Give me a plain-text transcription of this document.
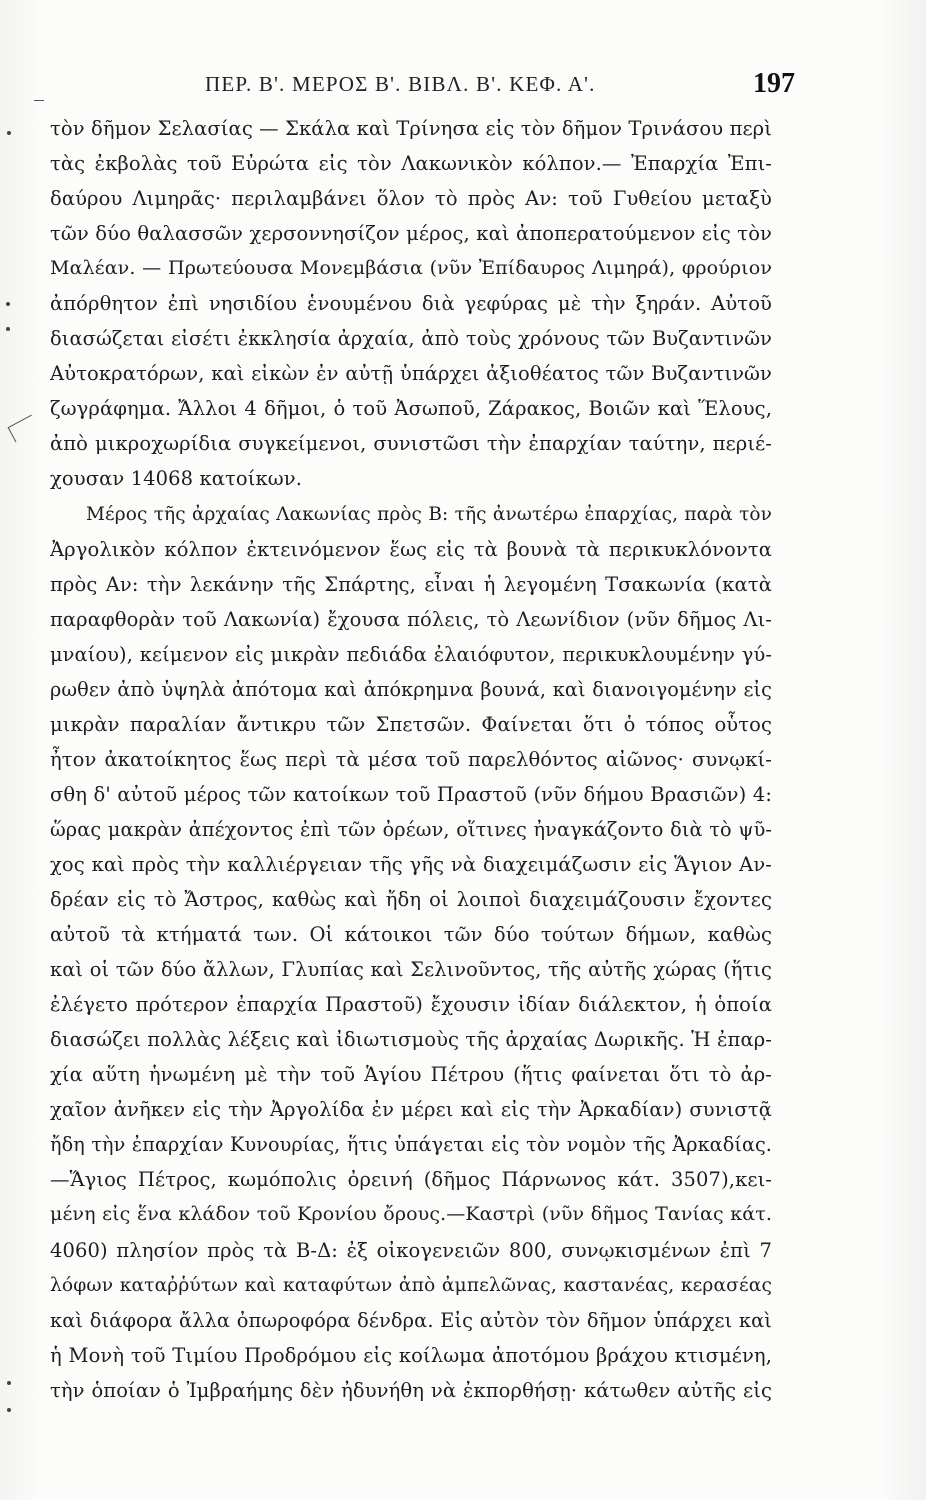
ΠΕΡ. Β'. ΜΕΡΟΣ Β'. ΒΙΒΛ. Β'. ΚΕΦ. Α'.	197
τὸν δῆμον Σελασίας — Σκάλα καὶ Τρίνησα εἰς τὸν δῆμον Τρινάσου περὶ
τὰς ἐκβολὰς τοῦ Εὐρώτα εἰς τὸν Λακωνικὸν κόλπον.— Ἐπαρχία Ἐπι-
δαύρου Λιμηρᾶς· περιλαμβάνει ὅλον τὸ πρὸς Αν: τοῦ Γυθείου μεταξὺ
τῶν δύο θαλασσῶν χερσοννησίζον μέρος, καὶ ἀποπερατούμενον εἰς τὸν
Μαλέαν. — Πρωτεύουσα Μονεμβάσια (νῦν Ἐπίδαυρος Λιμηρά), φρούριον
ἀπόρθητον ἐπὶ νησιδίου ἑνουμένου διὰ γεφύρας μὲ τὴν ξηράν. Αὐτοῦ
διασώζεται εἰσέτι ἐκκλησία ἀρχαία, ἀπὸ τοὺς χρόνους τῶν Βυζαντινῶν
Αὐτοκρατόρων, καὶ εἰκὼν ἐν αὐτῇ ὑπάρχει ἀξιοθέατος τῶν Βυζαντινῶν
ζωγράφημα. Ἄλλοι 4 δῆμοι, ὁ τοῦ Ἀσωποῦ, Ζάρακος, Βοιῶν καὶ Ἕλους,
ἀπὸ μικροχωρίδια συγκείμενοι, συνιστῶσι τὴν ἐπαρχίαν ταύτην, περιέ-
χουσαν 14068 κατοίκων.
Μέρος τῆς ἀρχαίας Λακωνίας πρὸς Β: τῆς ἀνωτέρω ἐπαρχίας, παρὰ τὸν
Ἀργολικὸν κόλπον ἐκτεινόμενον ἕως εἰς τὰ βουνὰ τὰ περικυκλόνοντα
πρὸς Αν: τὴν λεκάνην τῆς Σπάρτης, εἶναι ἡ λεγομένη Τσακωνία (κατὰ
παραφθορὰν τοῦ Λακωνία) ἔχουσα πόλεις, τὸ Λεωνίδιον (νῦν δῆμος Λι-
μναίου), κείμενον εἰς μικρὰν πεδιάδα ἐλαιόφυτον, περικυκλουμένην γύ-
ρωθεν ἀπὸ ὑψηλὰ ἀπότομα καὶ ἀπόκρημνα βουνά, καὶ διανοιγομένην εἰς
μικρὰν παραλίαν ἄντικρυ τῶν Σπετσῶν. Φαίνεται ὅτι ὁ τόπος οὗτος
ἦτον ἀκατοίκητος ἕως περὶ τὰ μέσα τοῦ παρελθόντος αἰῶνος· συνῳκί-
σθη δ' αὐτοῦ μέρος τῶν κατοίκων τοῦ Πραστοῦ (νῦν δήμου Βρασιῶν) 4:
ὥρας μακρὰν ἀπέχοντος ἐπὶ τῶν ὀρέων, οἵτινες ἠναγκάζοντο διὰ τὸ ψῦ-
χος καὶ πρὸς τὴν καλλιέργειαν τῆς γῆς νὰ διαχειμάζωσιν εἰς Ἅγιον Αν-
δρέαν εἰς τὸ Ἄστρος, καθὼς καὶ ἤδη οἱ λοιποὶ διαχειμάζουσιν ἔχοντες
αὐτοῦ τὰ κτήματά των. Οἱ κάτοικοι τῶν δύο τούτων δήμων, καθὼς
καὶ οἱ τῶν δύο ἄλλων, Γλυπίας καὶ Σελινοῦντος, τῆς αὐτῆς χώρας (ἥτις
ἐλέγετο πρότερον ἐπαρχία Πραστοῦ) ἔχουσιν ἰδίαν διάλεκτον, ἡ ὁποία
διασώζει πολλὰς λέξεις καὶ ἰδιωτισμοὺς τῆς ἀρχαίας Δωρικῆς. Ἡ ἐπαρ-
χία αὕτη ἡνωμένη μὲ τὴν τοῦ Ἁγίου Πέτρου (ἥτις φαίνεται ὅτι τὸ ἀρ-
χαῖον ἀνῆκεν εἰς τὴν Ἀργολίδα ἐν μέρει καὶ εἰς τὴν Ἀρκαδίαν) συνιστᾷ
ἤδη τὴν ἐπαρχίαν Κυνουρίας, ἥτις ὑπάγεται εἰς τὸν νομὸν τῆς Ἀρκαδίας.
—Ἅγιος Πέτρος, κωμόπολις ὀρεινή (δῆμος Πάρνωνος κάτ. 3507),κει-
μένη εἰς ἕνα κλάδον τοῦ Κρονίου ὄρους.—Καστρὶ (νῦν δῆμος Τανίας κάτ.
4060) πλησίον πρὸς τὰ Β-Δ: ἐξ οἰκογενειῶν 800, συνῳκισμένων ἐπὶ 7
λόφων καταῤῥύτων καὶ καταφύτων ἀπὸ ἀμπελῶνας, καστανέας, κερασέας
καὶ διάφορα ἄλλα ὀπωροφόρα δένδρα. Εἰς αὐτὸν τὸν δῆμον ὑπάρχει καὶ
ἡ Μονὴ τοῦ Τιμίου Προδρόμου εἰς κοίλωμα ἀποτόμου βράχου κτισμένη,
τὴν ὁποίαν ὁ Ἰμβραήμης δὲν ἠδυνήθη νὰ ἐκπορθήσῃ· κάτωθεν αὐτῆς εἰς
